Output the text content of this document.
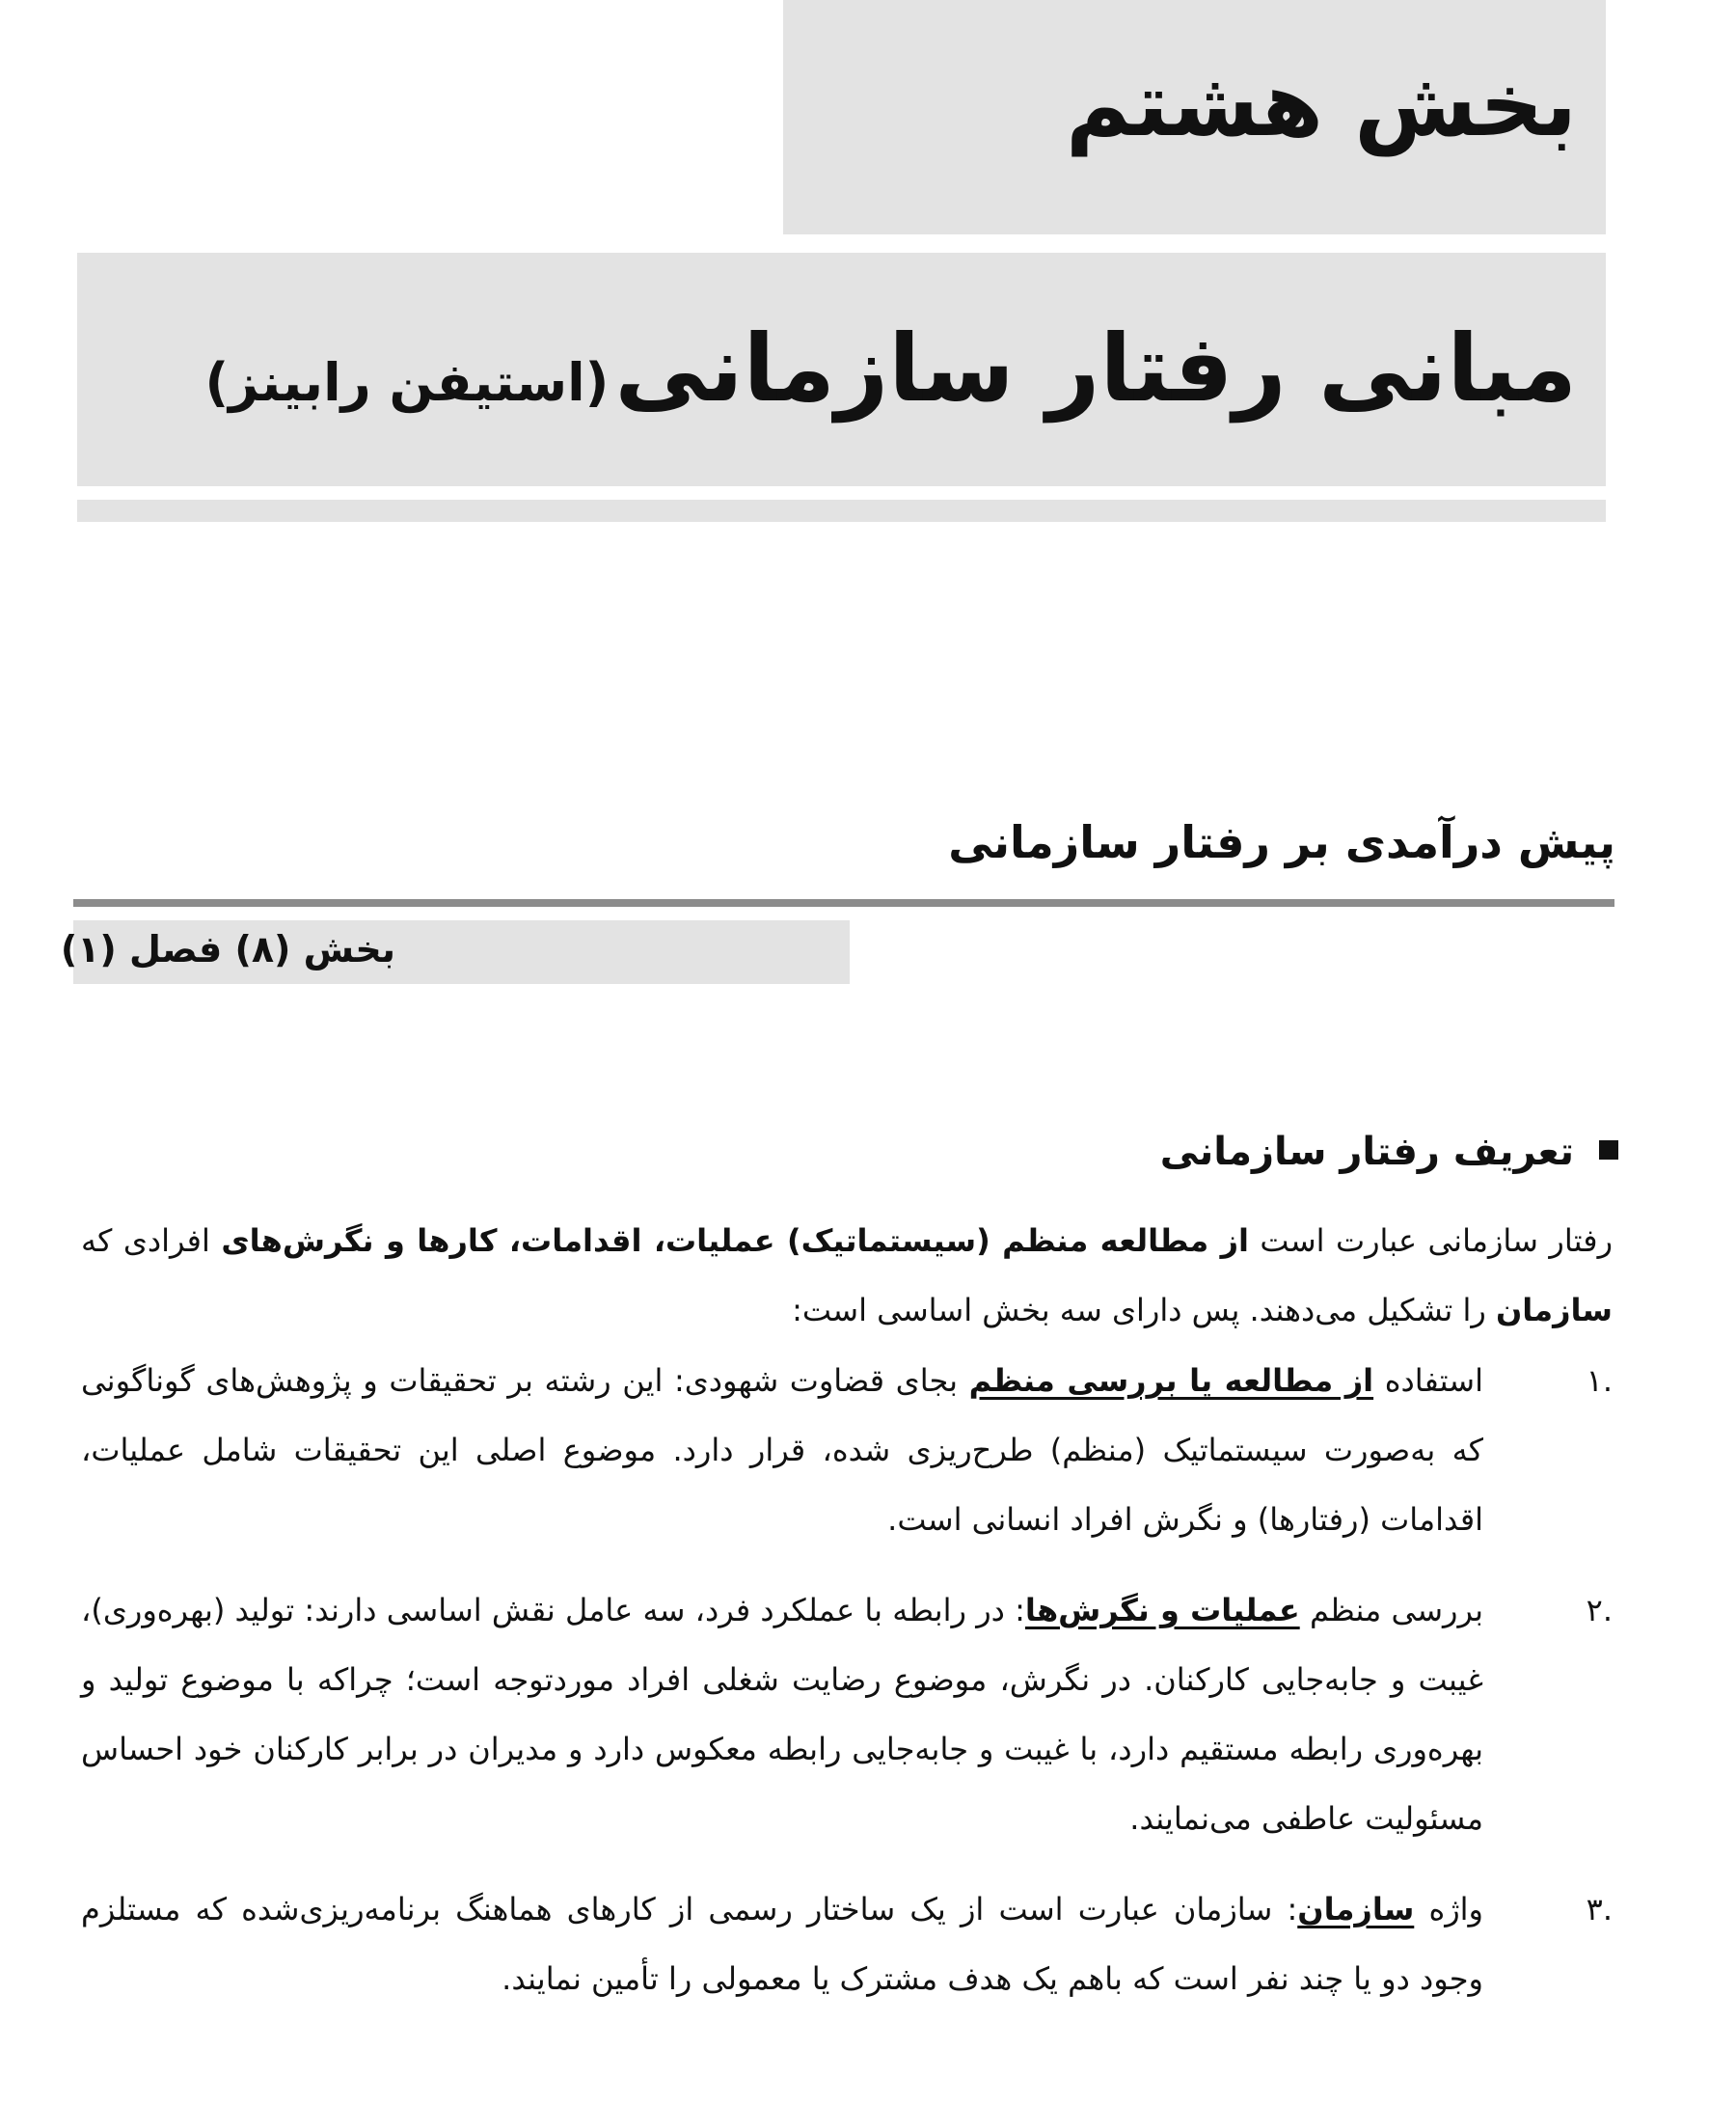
بخش هشتم
مبانی رفتار سازمانی(استیفن رابینز)
پیش درآمدی بر رفتار سازمانی

بخش (۸) فصل (۱)

تعریف رفتار سازمانی

رفتار سازمانی عبارت است از مطالعه منظم (سیستماتیک) عملیات، اقدامات، کارها و نگرش‌های افرادی که سازمان را تشکیل می‌دهند. پس دارای سه بخش اساسی است:

.۱
استفاده از مطالعه یا بررسی منظم بجای قضاوت شهودی: این رشته بر تحقیقات و پژوهش‌های گوناگونی که به‌صورت سیستماتیک (منظم) طرح‌ریزی شده، قرار دارد. موضوع اصلی این تحقیقات شامل عملیات، اقدامات (رفتارها) و نگرش افراد انسانی است.
.۲
بررسی منظم عملیات و نگرش‌ها: در رابطه با عملکرد فرد، سه عامل نقش اساسی دارند: تولید (بهره‌وری)، غیبت و جابه‌جایی کارکنان. در نگرش، موضوع رضایت شغلی افراد موردتوجه است؛ چراکه با موضوع تولید و بهره‌وری رابطه مستقیم دارد، با غیبت و جابه‌جایی رابطه معکوس دارد و مدیران در برابر کارکنان خود احساس مسئولیت عاطفی می‌نمایند.
.۳
واژه سازمان: سازمان عبارت است از یک ساختار رسمی از کارهای هماهنگ برنامه‌ریزی‌شده که مستلزم وجود دو یا چند نفر است که باهم یک هدف مشترک یا معمولی را تأمین نمایند.
